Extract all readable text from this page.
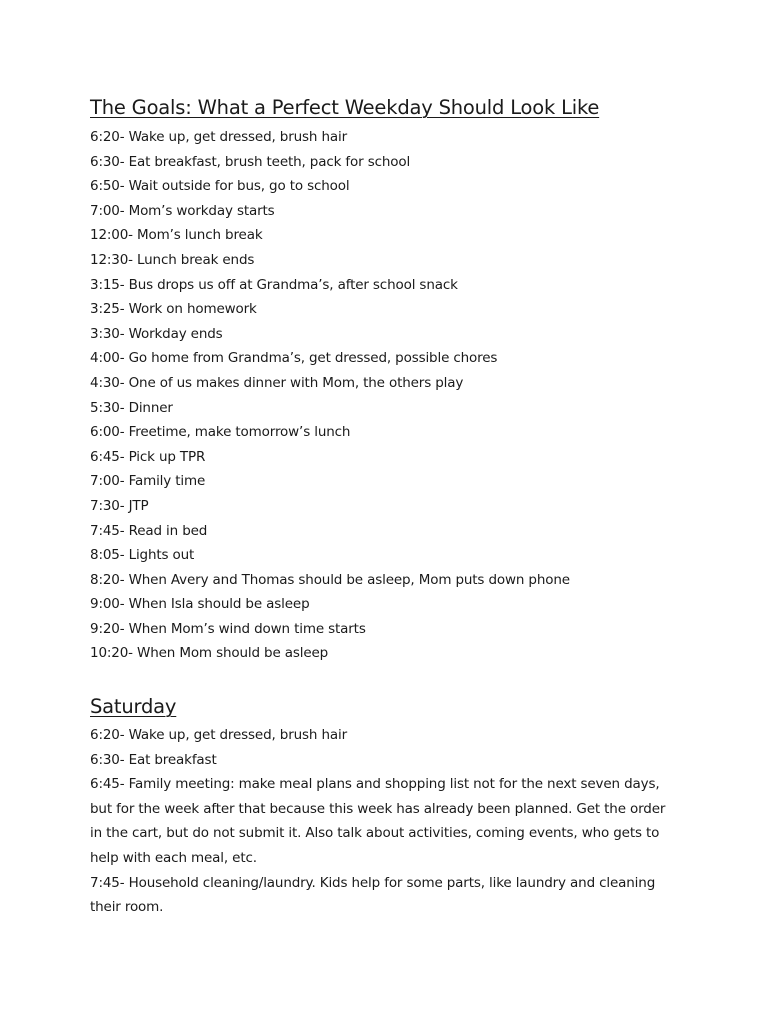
The Goals: What a Perfect Weekday Should Look Like
6:20- Wake up, get dressed, brush hair
6:30- Eat breakfast, brush teeth, pack for school
6:50- Wait outside for bus, go to school
7:00- Mom’s workday starts
12:00- Mom’s lunch break
12:30- Lunch break ends
3:15- Bus drops us off at Grandma’s, after school snack
3:25- Work on homework
3:30- Workday ends
4:00- Go home from Grandma’s, get dressed, possible chores
4:30- One of us makes dinner with Mom, the others play
5:30- Dinner
6:00- Freetime, make tomorrow’s lunch
6:45- Pick up TPR
7:00- Family time
7:30- JTP
7:45- Read in bed
8:05- Lights out
8:20- When Avery and Thomas should be asleep, Mom puts down phone
9:00- When Isla should be asleep
9:20- When Mom’s wind down time starts
10:20- When Mom should be asleep
Saturday
6:20- Wake up, get dressed, brush hair
6:30- Eat breakfast
6:45- Family meeting: make meal plans and shopping list not for the next seven days, but for the week after that because this week has already been planned. Get the order in the cart, but do not submit it. Also talk about activities, coming events, who gets to help with each meal, etc.
7:45- Household cleaning/laundry. Kids help for some parts, like laundry and cleaning their room.
